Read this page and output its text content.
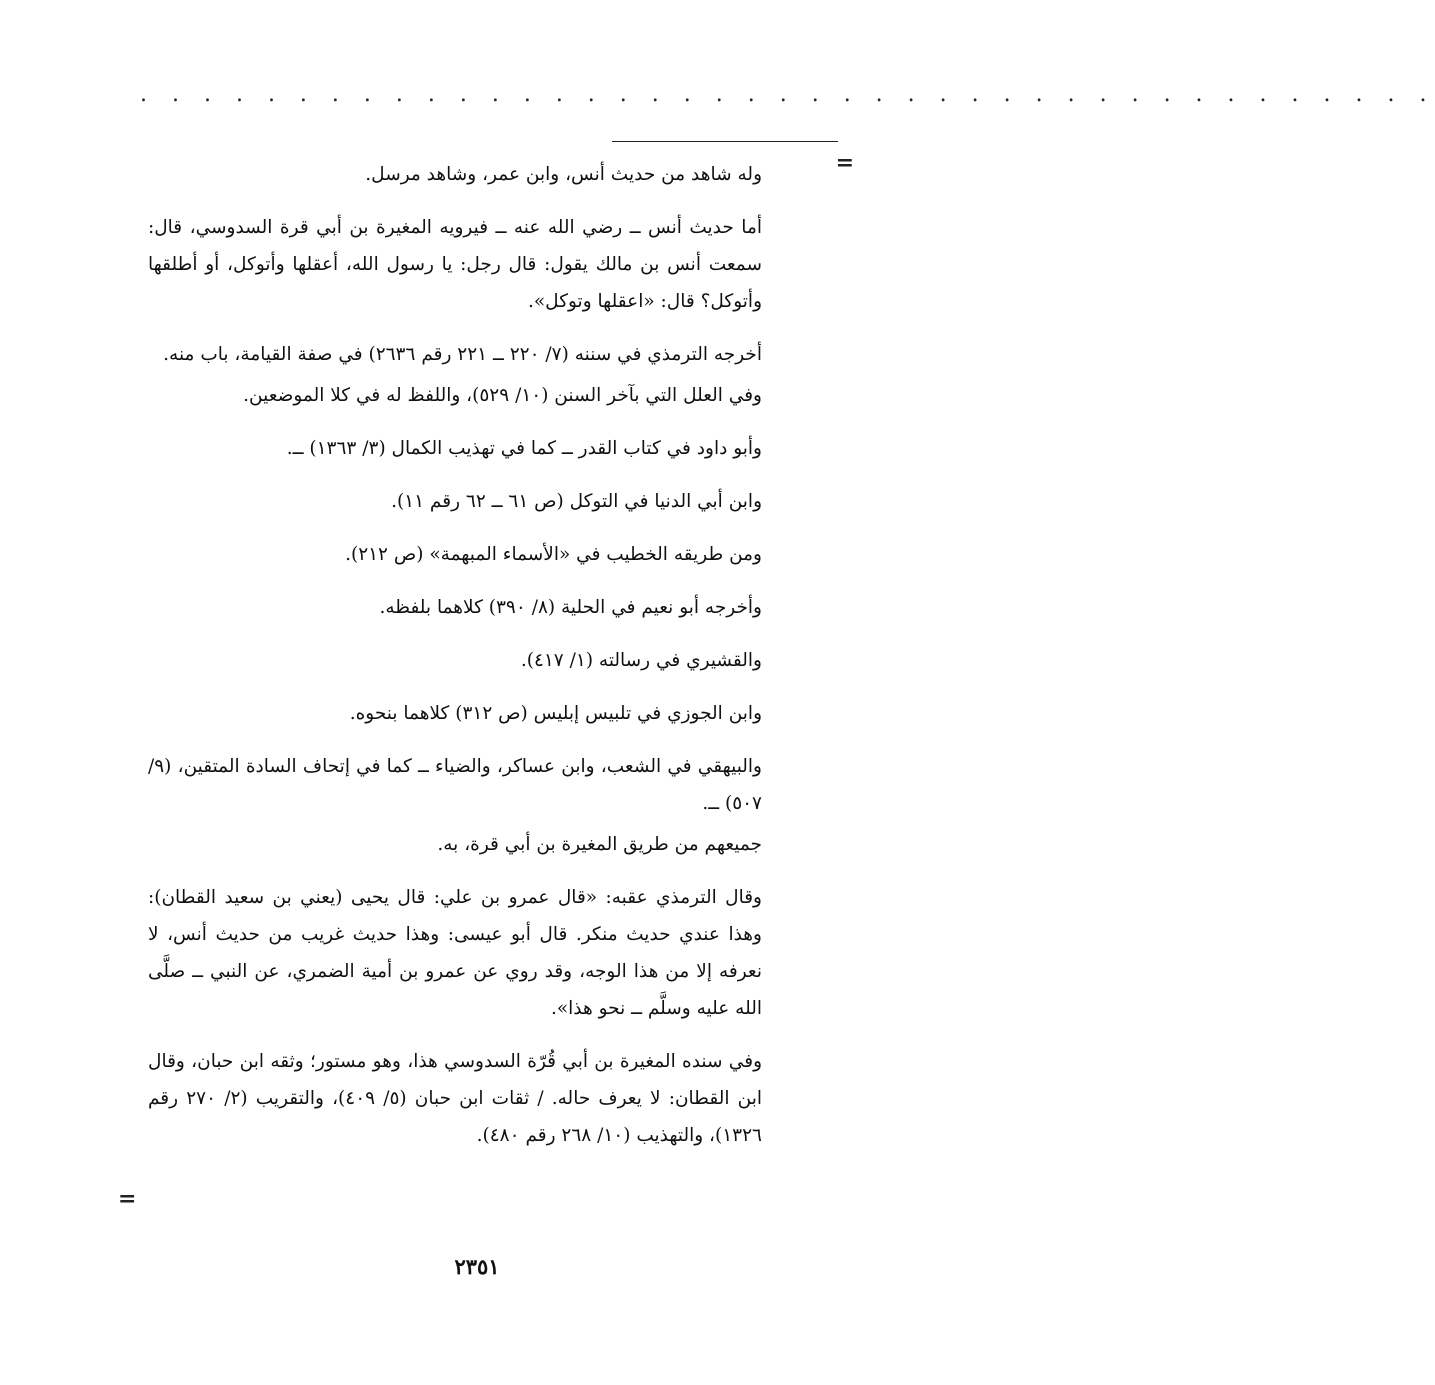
. . . . . . . . . . . . . . . . . . . . . . . . . . . . . . . . . . . . . . . . .
=

وله شاهد من حديث أنس، وابن عمر، وشاهد مرسل.

أما حديث أنس ــ رضي الله عنه ــ فيرويه المغيرة بن أبي قرة السدوسي، قال: سمعت أنس بن مالك يقول: قال رجل: يا رسول الله، أعقلها وأتوكل، أو أطلقها وأتوكل؟ قال: «اعقلها وتوكل».

أخرجه الترمذي في سننه (٧/ ٢٢٠ ــ ٢٢١ رقم ٢٦٣٦) في صفة القيامة، باب منه.

وفي العلل التي بآخر السنن (١٠/ ٥٢٩)، واللفظ له في كلا الموضعين.

وأبو داود في كتاب القدر ــ كما في تهذيب الكمال (٣/ ١٣٦٣) ــ.

وابن أبي الدنيا في التوكل (ص ٦١ ــ ٦٢ رقم ١١).

ومن طريقه الخطيب في «الأسماء المبهمة» (ص ٢١٢).

وأخرجه أبو نعيم في الحلية (٨/ ٣٩٠) كلاهما بلفظه.

والقشيري في رسالته (١/ ٤١٧).

وابن الجوزي في تلبيس إبليس (ص ٣١٢) كلاهما بنحوه.

والبيهقي في الشعب، وابن عساكر، والضياء ــ كما في إتحاف السادة المتقين، (٩/ ٥٠٧) ــ.

جميعهم من طريق المغيرة بن أبي قرة، به.

وقال الترمذي عقبه: «قال عمرو بن علي: قال يحيى (يعني بن سعيد القطان): وهذا عندي حديث منكر. قال أبو عيسى: وهذا حديث غريب من حديث أنس، لا نعرفه إلا من هذا الوجه، وقد روي عن عمرو بن أمية الضمري، عن النبي ــ صلَّى الله عليه وسلَّم ــ نحو هذا».

وفي سنده المغيرة بن أبي قُرّة السدوسي هذا، وهو مستور؛ وثقه ابن حبان، وقال ابن القطان: لا يعرف حاله. / ثقات ابن حبان (٥/ ٤٠٩)، والتقريب (٢/ ٢٧٠ رقم ١٣٢٦)، والتهذيب (١٠/ ٢٦٨ رقم ٤٨٠).

=
٢٣٥١
